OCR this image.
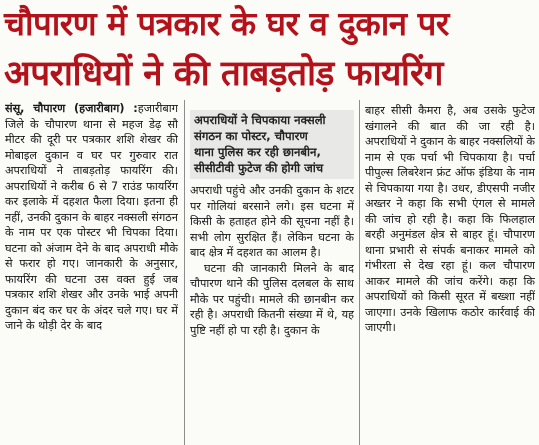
चौपारण में पत्रकार के घर व दुकान पर
अपराधियों ने की ताबड़तोड़ फायरिंग
संसू, चौपारण (हजारीबाग) :हजारीबाग जिले के चौपारण थाना से महज डेढ़ सौ मीटर की दूरी पर पत्रकार शशि शेखर की मोबाइल दुकान व घर पर गुरुवार रात अपराधियों ने ताबड़तोड़ फायरिंग की। अपराधियों ने करीब 6 से 7 राउंड फायरिंग कर इलाके में दहशत फैला दिया। इतना ही नहीं, उनकी दुकान के बाहर नक्सली संगठन के नाम पर एक पोस्टर भी चिपका दिया। घटना को अंजाम देने के बाद अपराधी मौके से फरार हो गए। जानकारी के अनुसार, फायरिंग की घटना उस वक्त हुई जब पत्रकार शशि शेखर और उनके भाई अपनी दुकान बंद कर घर के अंदर चले गए। घर में जाने के थोड़ी देर के बाद
अपराधियों ने चिपकाया नक्सली
संगठन का पोस्टर, चौपारण
थाना पुलिस कर रही छानबीन,
सीसीटीवी फुटेज की होगी जांच
अपराधी पहुंचे और उनकी दुकान के शटर पर गोलियां बरसाने लगे। इस घटना में किसी के हताहत होने की सूचना नहीं है। सभी लोग सुरक्षित हैं। लेकिन घटना के बाद क्षेत्र में दहशत का आलम है।
घटना की जानकारी मिलने के बाद चौपारण थाने की पुलिस दलबल के साथ मौके पर पहुंची। मामले की छानबीन कर रही है। अपराधी कितनी संख्या में थे, यह पुष्टि नहीं हो पा रही है। दुकान के
बाहर सीसी कैमरा है, अब उसके फुटेज खंगालने की बात की जा रही है। अपराधियों ने दुकान के बाहर नक्सलियों के नाम से एक पर्चा भी चिपकाया है। पर्चा पीपुल्स लिबरेशन फ्रंट ऑफ इंडिया के नाम से चिपकाया गया है। उधर, डीएसपी नजीर अख्तर ने कहा कि सभी एंगल से मामले की जांच हो रही है। कहा कि फिलहाल बरही अनुमंडल क्षेत्र से बाहर हूं। चौपारण थाना प्रभारी से संपर्क बनाकर मामले को गंभीरता से देख रहा हूं। कल चौपारण आकर मामले की जांच करेंगे। कहा कि अपराधियों को किसी सूरत में बख्शा नहीं जाएगा। उनके खिलाफ कठोर कार्रवाई की जाएगी।
